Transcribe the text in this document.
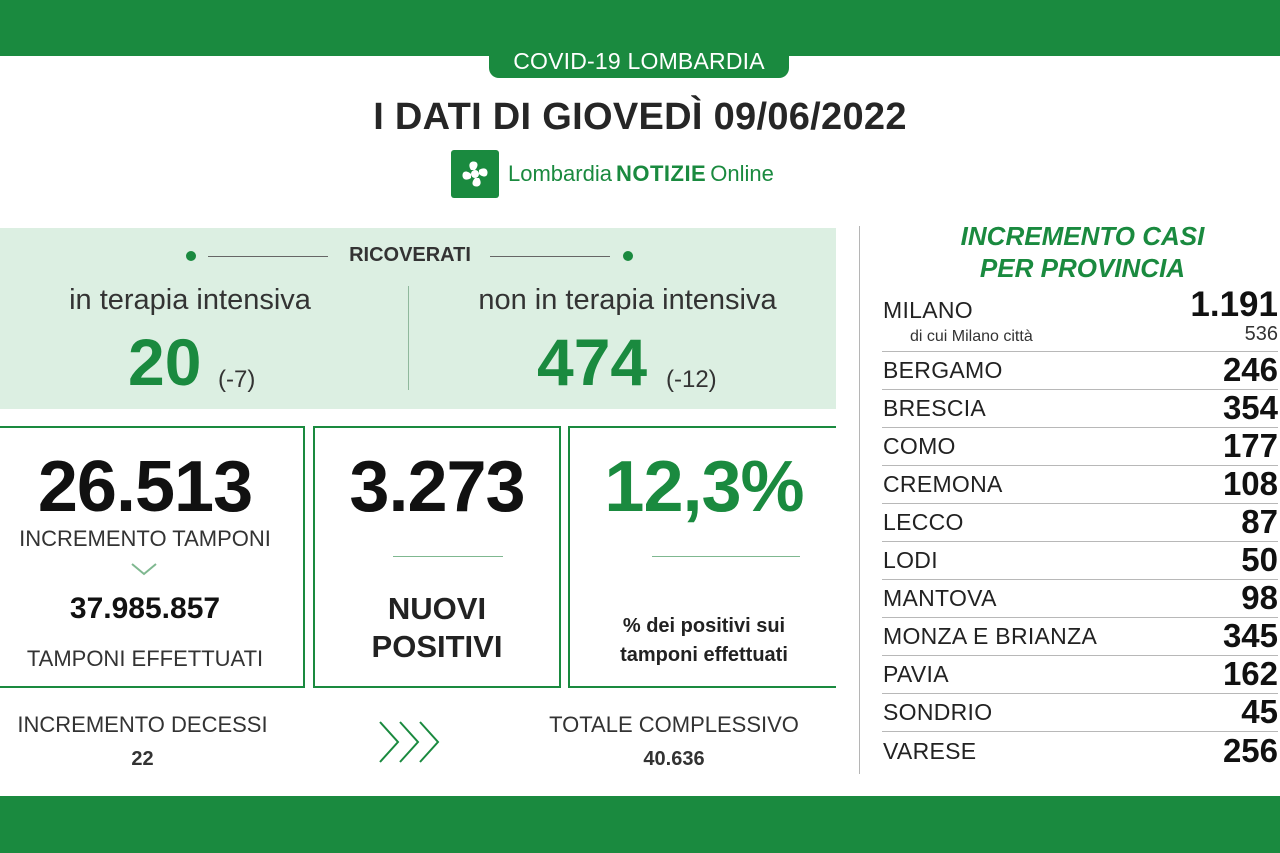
COVID-19 LOMBARDIA
I DATI DI GIOVEDÌ 09/06/2022
Lombardia NOTIZIE Online
RICOVERATI
in terapia intensiva
20 (-7)
non in terapia intensiva
474 (-12)
26.513
INCREMENTO TAMPONI
37.985.857
TAMPONI EFFETTUATI
3.273
NUOVI
POSITIVI
12,3%
% dei positivi sui
tamponi effettuati
INCREMENTO DECESSI
22
TOTALE COMPLESSIVO
40.636
INCREMENTO CASI
PER PROVINCIA
MILANO	1.191
di cui Milano città	536
BERGAMO	246
BRESCIA	354
COMO	177
CREMONA	108
LECCO	87
LODI	50
MANTOVA	98
MONZA E BRIANZA	345
PAVIA	162
SONDRIO	45
VARESE	256
